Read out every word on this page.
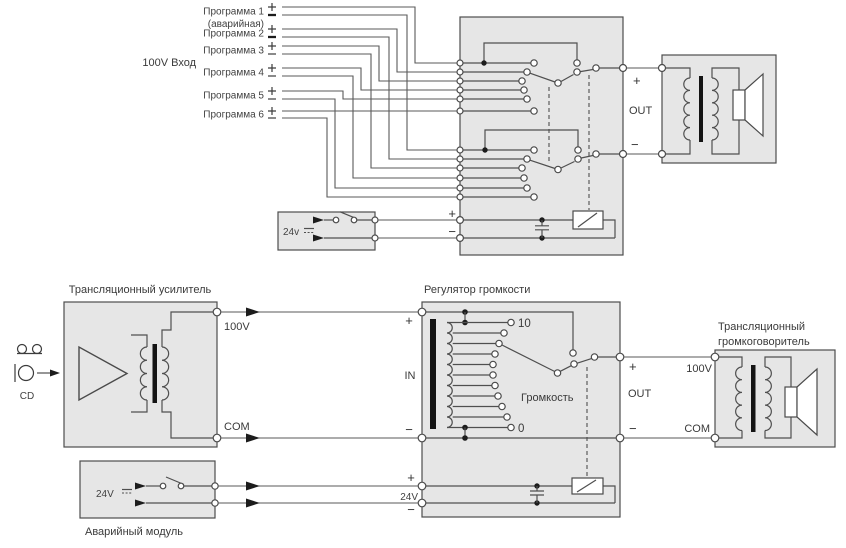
100V Вход
Программа 1
(аварийная)
Программа 2
Программа 3
Программа 4
Программа 5
Программа 6
24v
+
−
+
OUT
−
CD
Трансляционный усилитель
100V
COM
Регулятор громкости
+
IN
−
10
0
Громкость
+
24V
−
+
OUT
−
100V
COM
Трансляционный
громкоговоритель
24V
Аварийный модуль
